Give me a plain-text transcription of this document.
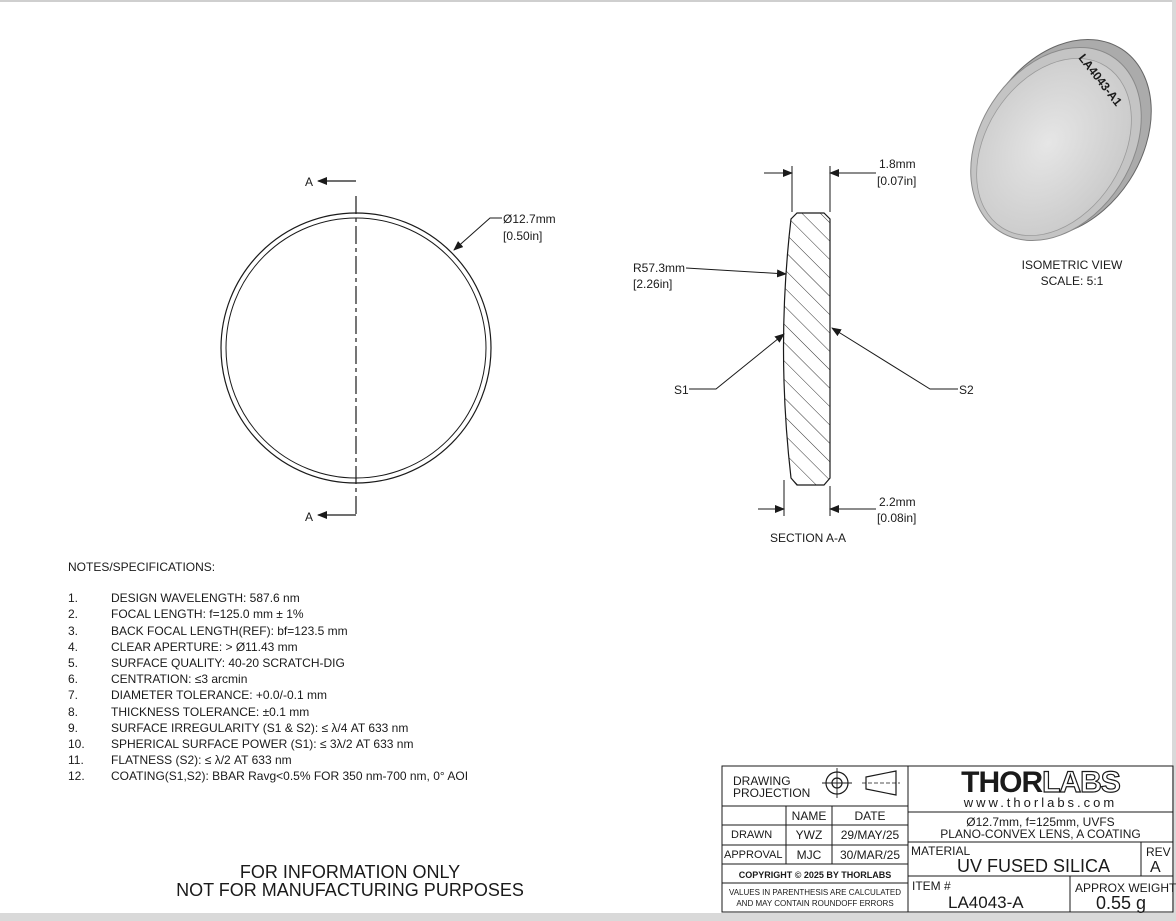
A
A
Ø12.7mm
[0.50in]
1.8mm
[0.07in]
2.2mm
[0.08in]
R57.3mm
[2.26in]
S1	S2
SECTION A-A
LA4043-A1
ISOMETRIC VIEW
SCALE: 5:1
NOTES/SPECIFICATIONS:
1.	DESIGN WAVELENGTH: 587.6 nm
2.	FOCAL LENGTH: f=125.0 mm ± 1%
3.	BACK FOCAL LENGTH(REF): bf=123.5 mm
4.	CLEAR APERTURE: > Ø11.43 mm
5.	SURFACE QUALITY: 40-20 SCRATCH-DIG
6.	CENTRATION: ≤3 arcmin
7.	DIAMETER TOLERANCE: +0.0/-0.1 mm
8.	THICKNESS TOLERANCE: ±0.1 mm
9.	SURFACE IRREGULARITY (S1 & S2): ≤ λ/4 AT 633 nm
10.	SPHERICAL SURFACE POWER (S1): ≤ 3λ/2 AT 633 nm
11.	FLATNESS (S2): ≤ λ/2 AT 633 nm
12.	COATING(S1,S2): BBAR Ravg<0.5% FOR 350 nm-700 nm, 0° AOI
FOR INFORMATION ONLY
NOT FOR MANUFACTURING PURPOSES
DRAWING
PROJECTION
NAME	DATE
DRAWN	YWZ	29/MAY/25
APPROVAL	MJC	30/MAR/25
COPYRIGHT © 2025 BY THORLABS
VALUES IN PARENTHESIS ARE CALCULATED
AND MAY CONTAIN ROUNDOFF ERRORS
THORLABS
www.thorlabs.com
Ø12.7mm, f=125mm, UVFS
PLANO-CONVEX LENS, A COATING
MATERIAL
UV FUSED SILICA
REV
A
ITEM #
LA4043-A
APPROX WEIGHT
0.55 g
